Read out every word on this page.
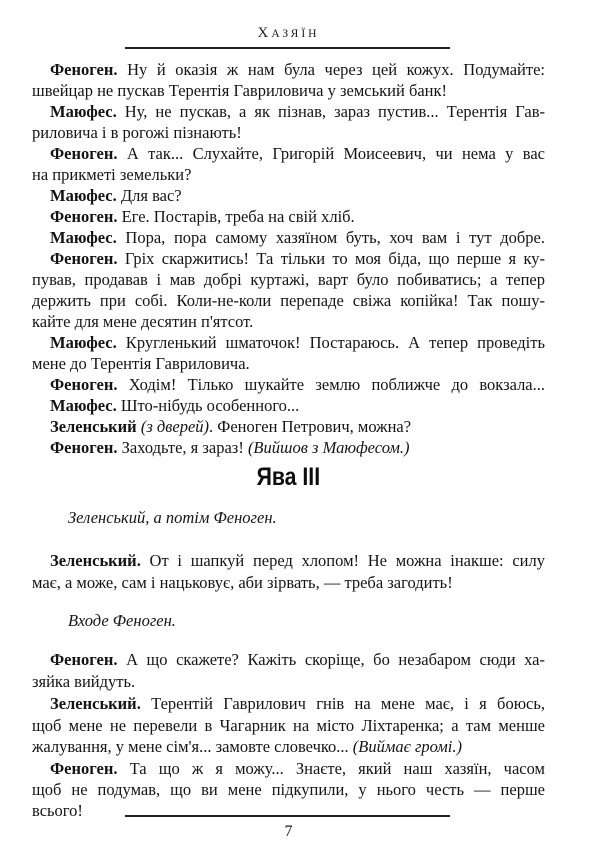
ХАЗЯЇН
Феноген. Ну й оказія ж нам була через цей кожух. Подумайте:
швейцар не пускав Терентія Гавриловича у земський банк!
Маюфес. Ну, не пускав, а як пізнав, зараз пустив... Терентія Гав-
риловича і в рогожі пізнають!
Феноген. А так... Слухайте, Григорій Моисеевич, чи нема у вас
на прикметі земельки?
Маюфес. Для вас?
Феноген. Еге. Постарів, треба на свій хліб.
Маюфес. Пора, пора самому хазяїном буть, хоч вам і тут добре.
Феноген. Гріх скаржитись! Та тільки то моя біда, що перше я ку-
пував, продавав і мав добрі куртажі, варт було побиватись; а тепер
держить при собі. Коли-не-коли перепаде свіжа копійка! Так пошу-
кайте для мене десятин п'ятсот.
Маюфес. Кругленький шматочок! Постараюсь. А тепер проведіть
мене до Терентія Гавриловича.
Феноген. Ходім! Тілько шукайте землю поближче до вокзала...
Маюфес. Што-нібудь особенного...
Зеленський (з дверей). Феноген Петрович, можна?
Феноген. Заходьте, я зараз! (Вийшов з Маюфесом.)
Ява III
Зеленський, а потім Феноген.
Зеленський. От і шапкуй перед хлопом! Не можна інакше: силу
має, а може, сам і нацьковує, аби зірвать, — треба загодить!
Входе Феноген.
Феноген. А що скажете? Кажіть скоріще, бо незабаром сюди ха-
зяйка вийдуть.
Зеленський. Терентій Гаврилович гнів на мене має, і я боюсь,
щоб мене не перевели в Чагарник на місто Ліхтаренка; а там менше
жалування, у мене сім'я... замовте словечко... (Виймає громі.)
Феноген. Та що ж я можу... Знаєте, який наш хазяїн, часом
щоб не подумав, що ви мене підкупили, у нього честь — перше
всього!
7
